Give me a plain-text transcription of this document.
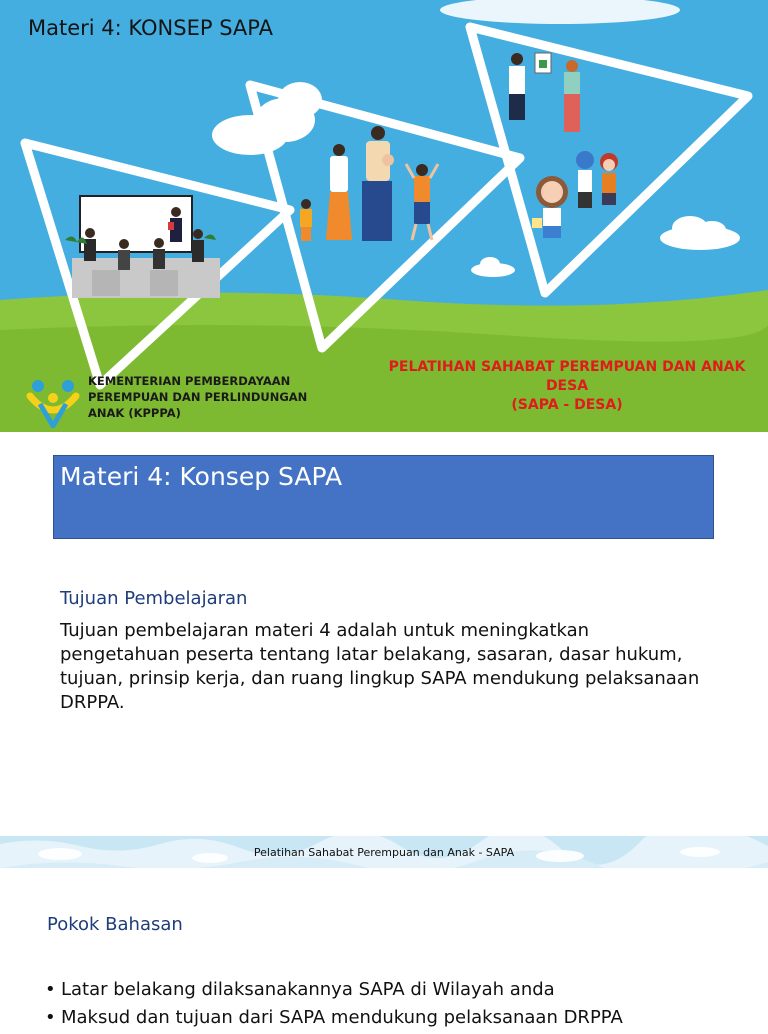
Materi 4: KONSEP SAPA
KEMENTERIAN PEMBERDAYAAN
PEREMPUAN DAN PERLINDUNGAN
ANAK (KPPPA)
PELATIHAN SAHABAT PEREMPUAN DAN ANAK
DESA
(SAPA - DESA)
Materi 4: Konsep SAPA
Tujuan Pembelajaran
Tujuan pembelajaran materi 4 adalah untuk meningkatkan
pengetahuan peserta tentang latar belakang, sasaran, dasar hukum,
tujuan, prinsip kerja, dan ruang lingkup SAPA mendukung pelaksanaan
DRPPA.
Pelatihan Sahabat Perempuan dan Anak - SAPA
Pokok Bahasan
• Latar belakang dilaksanakannya SAPA di Wilayah anda
• Maksud dan tujuan dari SAPA mendukung pelaksanaan DRPPA
